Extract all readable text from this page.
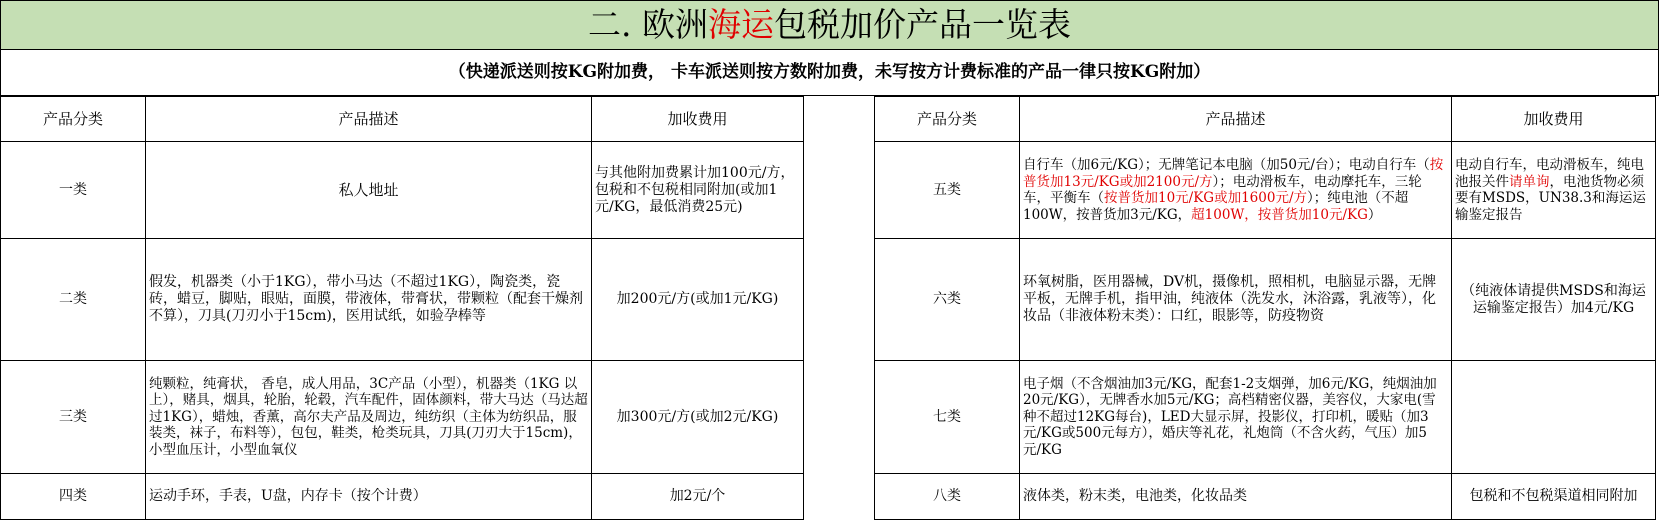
二. 欧洲海运包税加价产品一览表
（快递派送则按KG附加费， 卡车派送则按方数附加费，未写按方计费标准的产品一律只按KG附加）
产品分类	产品描述	加收费用
一类	私人地址	与其他附加费累计加100元/方，包税和不包税相同附加(或加1元/KG，最低消费25元)
二类	假发，机器类（小于1KG），带小马达（不超过1KG），陶瓷类，瓷砖，蜡豆，脚贴，眼贴，面膜，带液体，带膏状，带颗粒（配套干燥剂不算），刀具(刀刃小于15cm)，医用试纸，如验孕棒等	加200元/方(或加1元/KG)
三类	纯颗粒，纯膏状， 香皂，成人用品，3C产品（小型），机器类（1KG 以上），赌具，烟具，轮胎，轮毂，汽车配件，固体颜料，带大马达（马达超过1KG），蜡烛，香薰，高尔夫产品及周边，纯纺织（主体为纺织品，服装类，袜子，布料等），包包，鞋类，枪类玩具，刀具(刀刃大于15cm)，小型血压计，小型血氧仪	加300元/方(或加2元/KG)
四类	运动手环，手表，U盘，内存卡（按个计费）	加2元/个
产品分类	产品描述	加收费用
五类	自行车（加6元/KG）；无牌笔记本电脑（加50元/台）；电动自行车（按普货加13元/KG或加2100元/方）；电动滑板车，电动摩托车，三轮车，平衡车（按普货加10元/KG或加1600元/方）；纯电池（不超100W，按普货加3元/KG，超100W，按普货加10元/KG）	电动自行车，电动滑板车，纯电池报关件请单询，电池货物必须要有MSDS，UN38.3和海运运输鉴定报告
六类	环氧树脂，医用器械，DV机，摄像机，照相机，电脑显示器，无牌平板，无牌手机，指甲油，纯液体（洗发水，沐浴露，乳液等），化妆品（非液体粉末类）：口红，眼影等，防疫物资	（纯液体请提供MSDS和海运运输鉴定报告）加4元/KG
七类	电子烟（不含烟油加3元/KG，配套1-2支烟弹，加6元/KG，纯烟油加20元/KG），无牌香水加5元/KG；高档精密仪器，美容仪，大家电(雪种不超过12KG每台)，LED大显示屏，投影仪，打印机，暖贴（加3元/KG或500元每方），婚庆等礼花，礼炮筒（不含火药，气压）加5元/KG	
八类	液体类，粉末类，电池类，化妆品类	包税和不包税渠道相同附加
